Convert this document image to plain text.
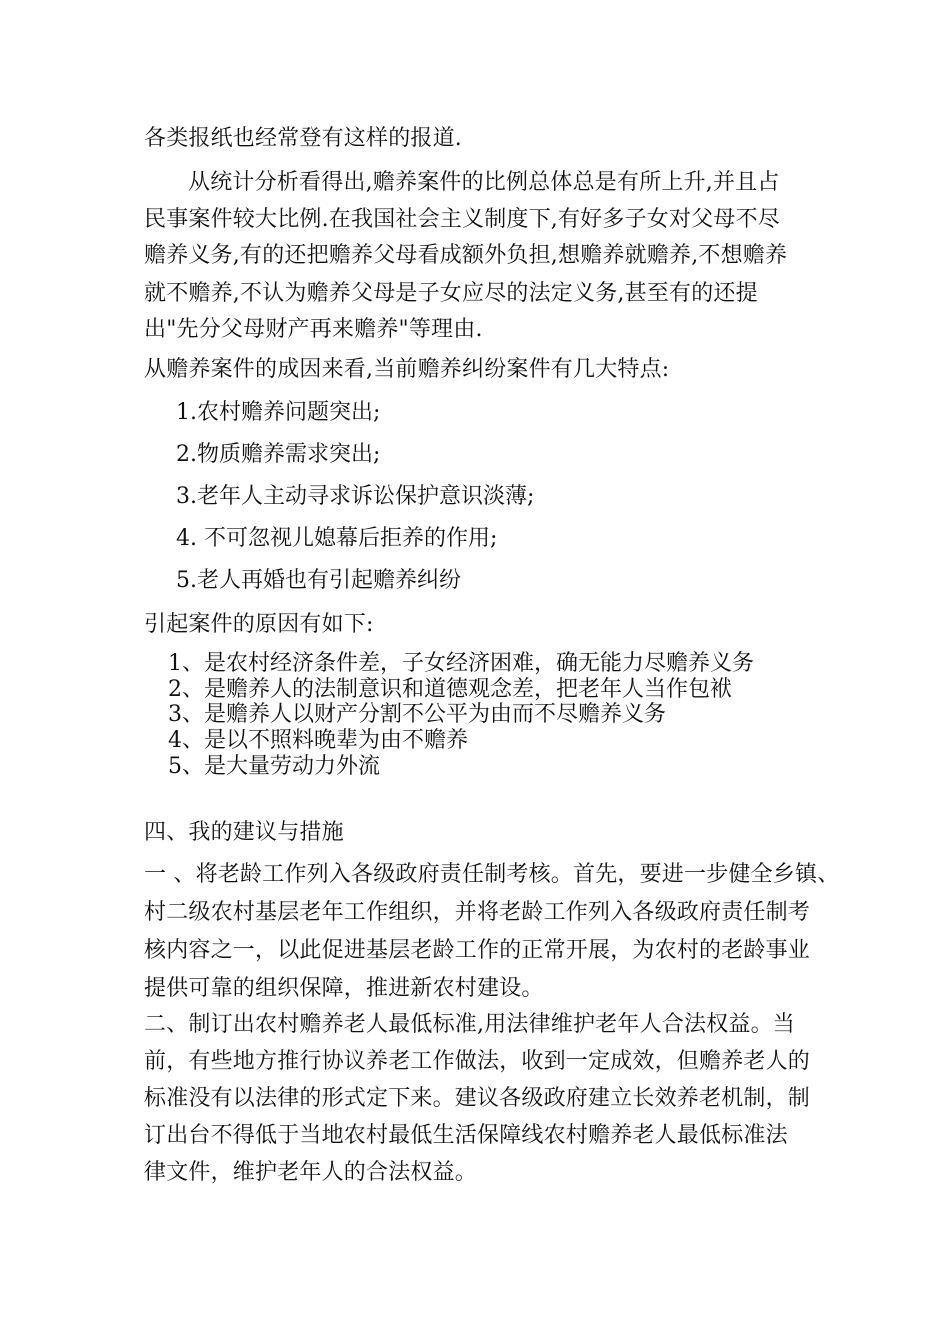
各类报纸也经常登有这样的报道.
从统计分析看得出,赡养案件的比例总体总是有所上升,并且占
民事案件较大比例.在我国社会主义制度下,有好多子女对父母不尽
赡养义务,有的还把赡养父母看成额外负担,想赡养就赡养,不想赡养
就不赡养,不认为赡养父母是子女应尽的法定义务,甚至有的还提
出"先分父母财产再来赡养"等理由.
从赡养案件的成因来看,当前赡养纠纷案件有几大特点:
1.农村赡养问题突出;
2.物质赡养需求突出;
3.老年人主动寻求诉讼保护意识淡薄;
4. 不可忽视儿媳幕后拒养的作用;
5.老人再婚也有引起赡养纠纷
引起案件的原因有如下:
1、是农村经济条件差，子女经济困难，确无能力尽赡养义务
2、是赡养人的法制意识和道德观念差，把老年人当作包袱
3、是赡养人以财产分割不公平为由而不尽赡养义务
4、是以不照料晚辈为由不赡养
5、是大量劳动力外流
四、我的建议与措施
一 、将老龄工作列入各级政府责任制考核。首先，要进一步健全乡镇、
村二级农村基层老年工作组织，并将老龄工作列入各级政府责任制考
核内容之一，以此促进基层老龄工作的正常开展，为农村的老龄事业
提供可靠的组织保障，推进新农村建设。
二、制订出农村赡养老人最低标准,用法律维护老年人合法权益。当
前，有些地方推行协议养老工作做法，收到一定成效，但赡养老人的
标准没有以法律的形式定下来。建议各级政府建立长效养老机制，制
订出台不得低于当地农村最低生活保障线农村赡养老人最低标准法
律文件，维护老年人的合法权益。
